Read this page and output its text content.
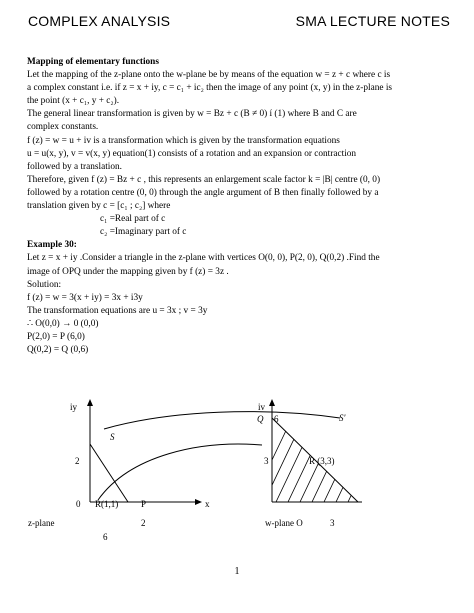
COMPLEX ANALYSIS	SMA LECTURE NOTES
Mapping of elementary functions
Let the mapping of the z-plane onto the w-plane be by means of the equation w = z + c where c is
a complex constant i.e. if z = x + iy, c = c₁ + ic₂ then the image of any point (x, y) in the z-plane is
the point (x + c₁, y + c₂).
The general linear transformation is given by w = Bz + c (B ≠ 0) í (1) where B and C are
complex constants.
f (z) = w = u + iv is a transformation which is given by the transformation equations
u = u(x, y), v = v(x, y) equation(1) consists of a rotation and an expansion or contraction
followed by a translation.
Therefore, given f (z) = Bz + c , this represents an enlargement scale factor k = |B| centre (0, 0)
followed by a rotation centre (0, 0) through the angle argument of B then finally followed by a
translation given by c = [c₁ ; c₂] where
c₁ =Real part of c
c₂ =Imaginary part of c
Example 30:
Let z = x + iy .Consider a triangle in the z-plane with vertices O(0, 0), P(2, 0), Q(0,2) .Find the
image of OPQ under the mapping given by f (z) = 3z .
Solution:
f (z) = w = 3(x + iy) = 3x + i3y
The transformation equations are u = 3x ; v = 3y
∴ O(0,0) → 0 (0,0)
P(2,0) = P (6,0)
Q(0,2) = Q (0,6)
iy
S
2
0 R(1,1)	P	x
z-plane	2
6
iv
Q 6	S'
3	R (3,3)
w-plane O	3
1
